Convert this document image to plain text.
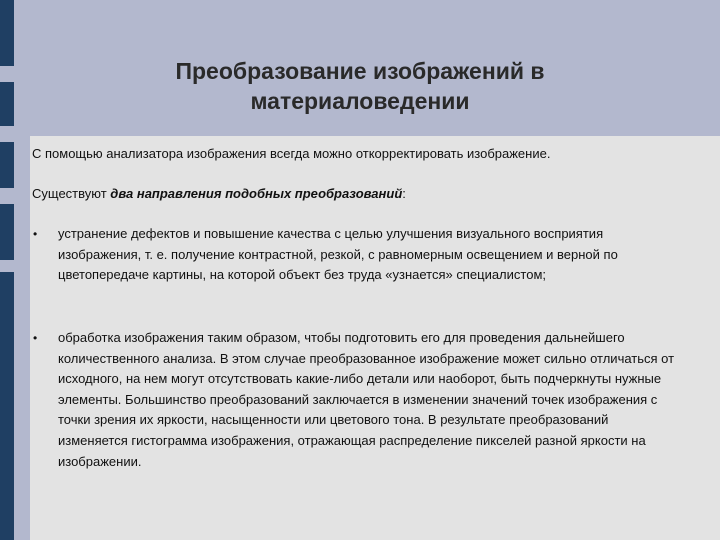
Преобразование изображений в
материаловедении
С помощью анализатора изображения всегда можно откорректировать изображение.
Существуют два направления подобных преобразований:
• устранение дефектов и повышение качества с целью улучшения визуального восприятия изображения, т. е. получение контрастной, резкой, с равномерным освещением и верной по цветопередаче картины, на которой объект без труда «узнается» специалистом;
• обработка изображения таким образом, чтобы подготовить его для проведения дальнейшего количественного анализа. В этом случае преобразованное изображение может сильно отличаться от исходного, на нем могут отсутствовать какие-либо детали или наоборот, быть подчеркнуты нужные элементы. Большинство преобразований заключается в изменении значений точек изображения с точки зрения их яркости, насыщенности или цветового тона. В результате преобразований изменяется гистограмма изображения, отражающая распределение пикселей разной яркости на изображении.
